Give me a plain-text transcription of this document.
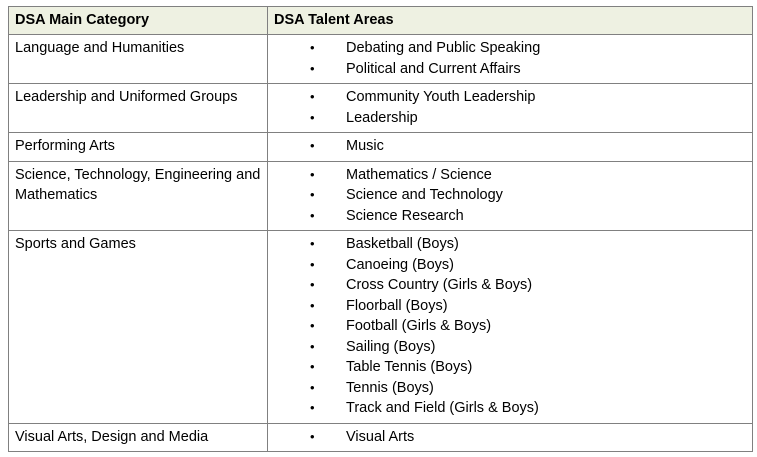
DSA Main Category	DSA Talent Areas
Language and Humanities	
•Debating and Public Speaking
• Political and Current Affairs

Leadership and Uniformed Groups	
•Community Youth Leadership
• Leadership

Performing Arts	
•Music

Science, Technology, Engineering and Mathematics	
• Mathematics / Science
• Science and Technology
• Science Research

Sports and Games	
•Basketball (Boys)
• Canoeing (Boys)
• Cross Country (Girls & Boys)
• Floorball (Boys)
• Football (Girls & Boys)
• Sailing (Boys)
• Table Tennis (Boys)
• Tennis (Boys)
• Track and Field (Girls & Boys)

Visual Arts, Design and Media	
•Visual Arts
